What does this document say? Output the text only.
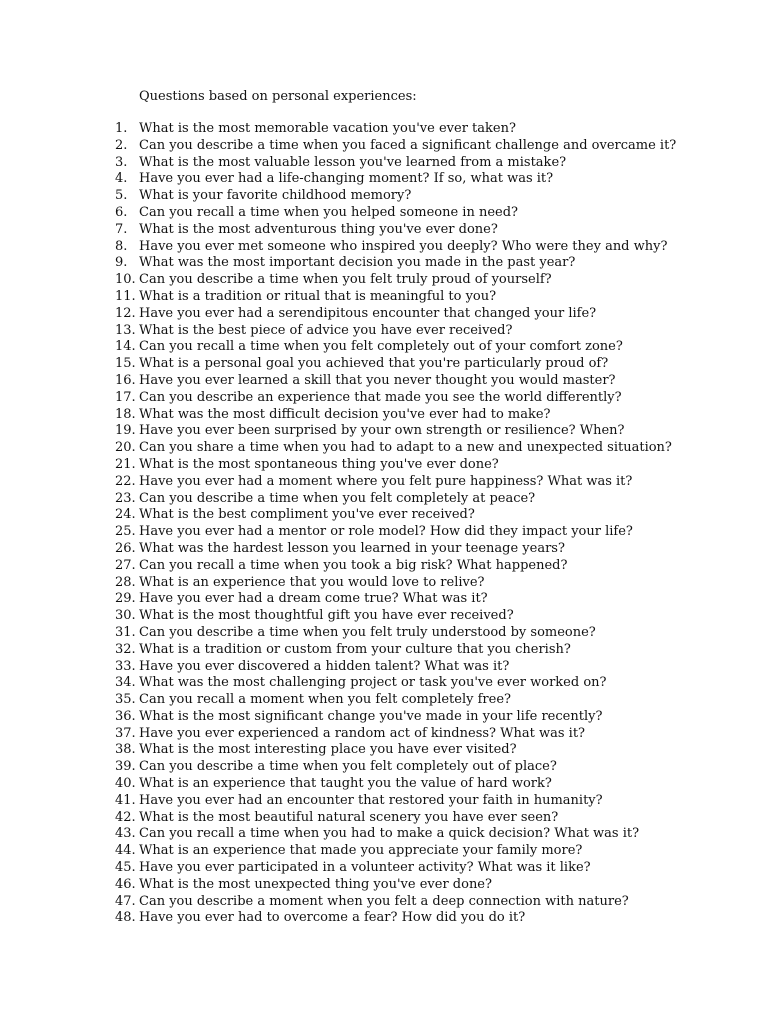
Questions based on personal experiences:
1. What is the most memorable vacation you've ever taken?
2. Can you describe a time when you faced a significant challenge and overcame it?
3. What is the most valuable lesson you've learned from a mistake?
4. Have you ever had a life-changing moment? If so, what was it?
5. What is your favorite childhood memory?
6. Can you recall a time when you helped someone in need?
7. What is the most adventurous thing you've ever done?
8. Have you ever met someone who inspired you deeply? Who were they and why?
9. What was the most important decision you made in the past year?
10. Can you describe a time when you felt truly proud of yourself?
11. What is a tradition or ritual that is meaningful to you?
12. Have you ever had a serendipitous encounter that changed your life?
13. What is the best piece of advice you have ever received?
14. Can you recall a time when you felt completely out of your comfort zone?
15. What is a personal goal you achieved that you're particularly proud of?
16. Have you ever learned a skill that you never thought you would master?
17. Can you describe an experience that made you see the world differently?
18. What was the most difficult decision you've ever had to make?
19. Have you ever been surprised by your own strength or resilience? When?
20. Can you share a time when you had to adapt to a new and unexpected situation?
21. What is the most spontaneous thing you've ever done?
22. Have you ever had a moment where you felt pure happiness? What was it?
23. Can you describe a time when you felt completely at peace?
24. What is the best compliment you've ever received?
25. Have you ever had a mentor or role model? How did they impact your life?
26. What was the hardest lesson you learned in your teenage years?
27. Can you recall a time when you took a big risk? What happened?
28. What is an experience that you would love to relive?
29. Have you ever had a dream come true? What was it?
30. What is the most thoughtful gift you have ever received?
31. Can you describe a time when you felt truly understood by someone?
32. What is a tradition or custom from your culture that you cherish?
33. Have you ever discovered a hidden talent? What was it?
34. What was the most challenging project or task you've ever worked on?
35. Can you recall a moment when you felt completely free?
36. What is the most significant change you've made in your life recently?
37. Have you ever experienced a random act of kindness? What was it?
38. What is the most interesting place you have ever visited?
39. Can you describe a time when you felt completely out of place?
40. What is an experience that taught you the value of hard work?
41. Have you ever had an encounter that restored your faith in humanity?
42. What is the most beautiful natural scenery you have ever seen?
43. Can you recall a time when you had to make a quick decision? What was it?
44. What is an experience that made you appreciate your family more?
45. Have you ever participated in a volunteer activity? What was it like?
46. What is the most unexpected thing you've ever done?
47. Can you describe a moment when you felt a deep connection with nature?
48. Have you ever had to overcome a fear? How did you do it?
